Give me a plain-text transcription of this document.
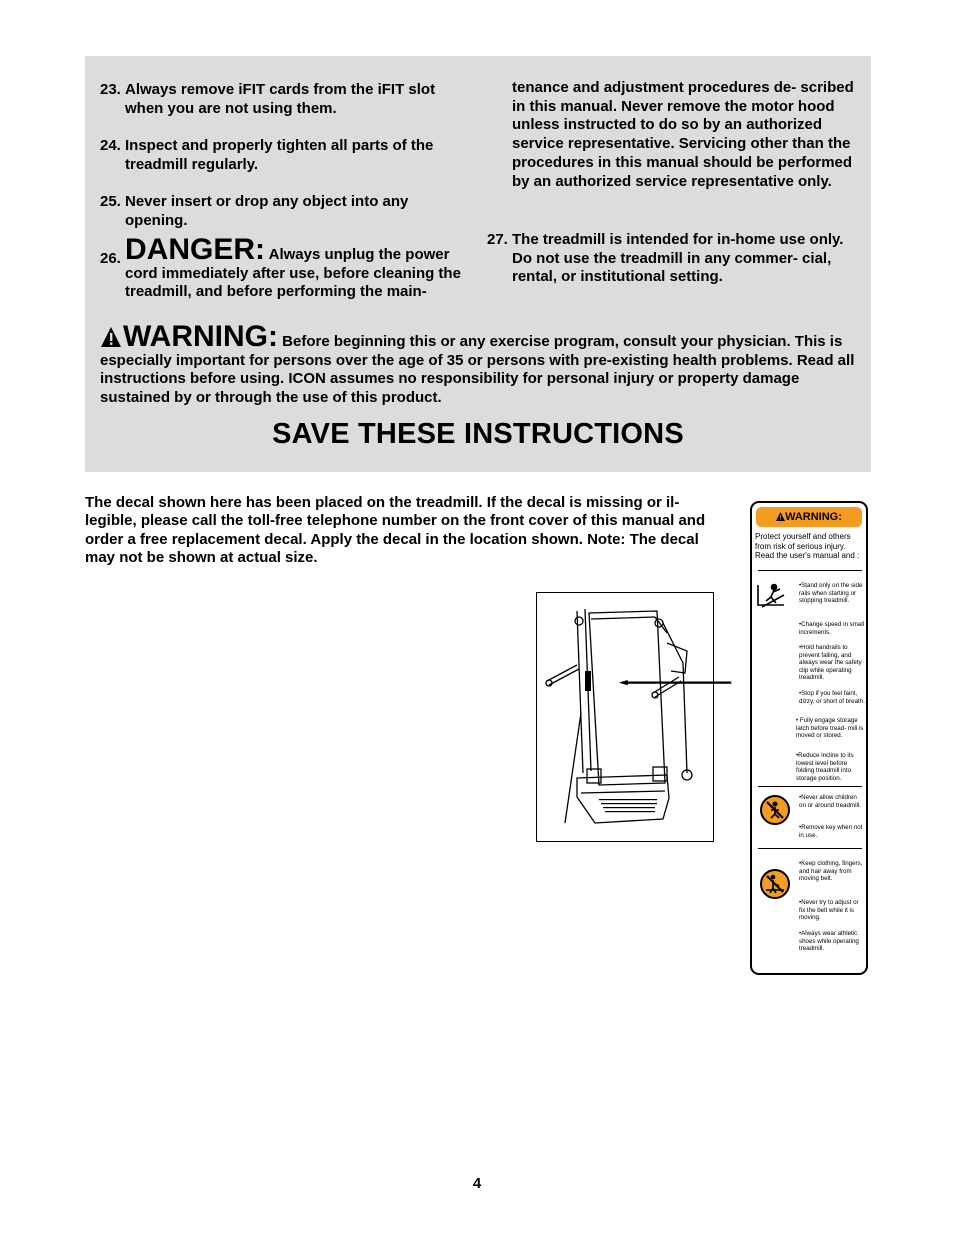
23. Always remove iFIT cards from the iFIT slot when you are not using them.
24. Inspect and properly tighten all parts of the treadmill regularly.
25. Never insert or drop any object into any opening.
26. DANGER: Always unplug the power cord immediately after use, before cleaning the treadmill, and before performing the main-
tenance and adjustment procedures de- scribed in this manual. Never remove the motor hood unless instructed to do so by an authorized service representative. Servicing other than the procedures in this manual should be performed by an authorized service representative only.
27. The treadmill is intended for in-home use only. Do not use the treadmill in any commer- cial, rental, or institutional setting.
WARNING: Before beginning this or any exercise program, consult your physician. This is especially important for persons over the age of 35 or persons with pre-existing health problems. Read all instructions before using. ICON assumes no responsibility for personal injury or property damage sustained by or through the use of this product.
SAVE THESE INSTRUCTIONS
The decal shown here has been placed on the treadmill. If the decal is missing or il- legible, please call the toll-free telephone number on the front cover of this manual and order a free replacement decal. Apply the decal in the location shown. Note: The decal may not be shown at actual size.
WARNING:
Protect yourself and others from risk of serious injury. Read the user's manual and :
•Stand only on the side rails when starting or stopping treadmill.
•Change speed in small increments.
•Hold handrails to prevent falling, and always wear the safety clip while operating treadmill.
•Stop if you feel faint, dizzy, or short of breath.
• Fully engage storage latch before tread- mill is moved or stored.
•Reduce incline to its lowest level before folding treadmill into storage position.
•Never allow children on or around treadmill.
•Remove key when not in use.
•Keep clothing, fingers, and hair away from moving belt.
•Never try to adjust or fix the belt while it is moving.
•Always wear athletic shoes while operating treadmill.
4
